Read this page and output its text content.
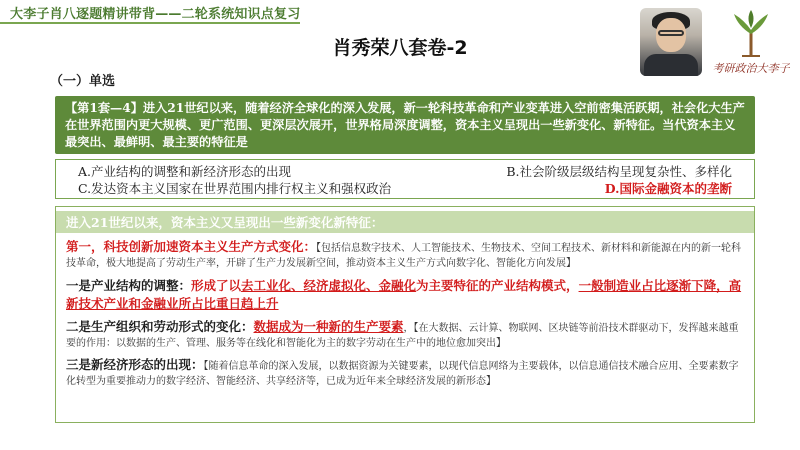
大李子肖八逐题精讲带背——二轮系统知识点复习
肖秀荣八套卷-2
考研政治大李子
（一）单选
【第1套—4】进入21世纪以来，随着经济全球化的深入发展，新一轮科技革命和产业变革进入空前密集活跃期，社会化大生产在世界范围内更大规模、更广范围、更深层次展开，世界格局深度调整，资本主义呈现出一些新变化、新特征。当代资本主义最突出、最鲜明、最主要的特征是
A.产业结构的调整和新经济形态的出现	B.社会阶级层级结构呈现复杂性、多样化
C.发达资本主义国家在世界范围内排行权主义和强权政治	D.国际金融资本的垄断
进入21世纪以来，资本主义又呈现出一些新变化新特征：
第一，科技创新加速资本主义生产方式变化：【包括信息数字技术、人工智能技术、生物技术、空间工程技术、新材料和新能源在内的新一轮科技革命，极大地提高了劳动生产率，开辟了生产力发展新空间，推动资本主义生产方式向数字化、智能化方向发展】
一是产业结构的调整：形成了以去工业化、经济虚拟化、金融化为主要特征的产业结构模式，一般制造业占比逐渐下降，高新技术产业和金融业所占比重日趋上升
二是生产组织和劳动形式的变化：数据成为一种新的生产要素，【在大数据、云计算、物联网、区块链等前沿技术群驱动下，发挥越来越重要的作用：以数据的生产、管理、服务等在线化和智能化为主的数字劳动在生产中的地位愈加突出】
三是新经济形态的出现：【随着信息革命的深入发展，以数据资源为关键要素，以现代信息网络为主要载体，以信息通信技术融合应用、全要素数字化转型为重要推动力的数字经济、智能经济、共享经济等，已成为近年来全球经济发展的新形态】
